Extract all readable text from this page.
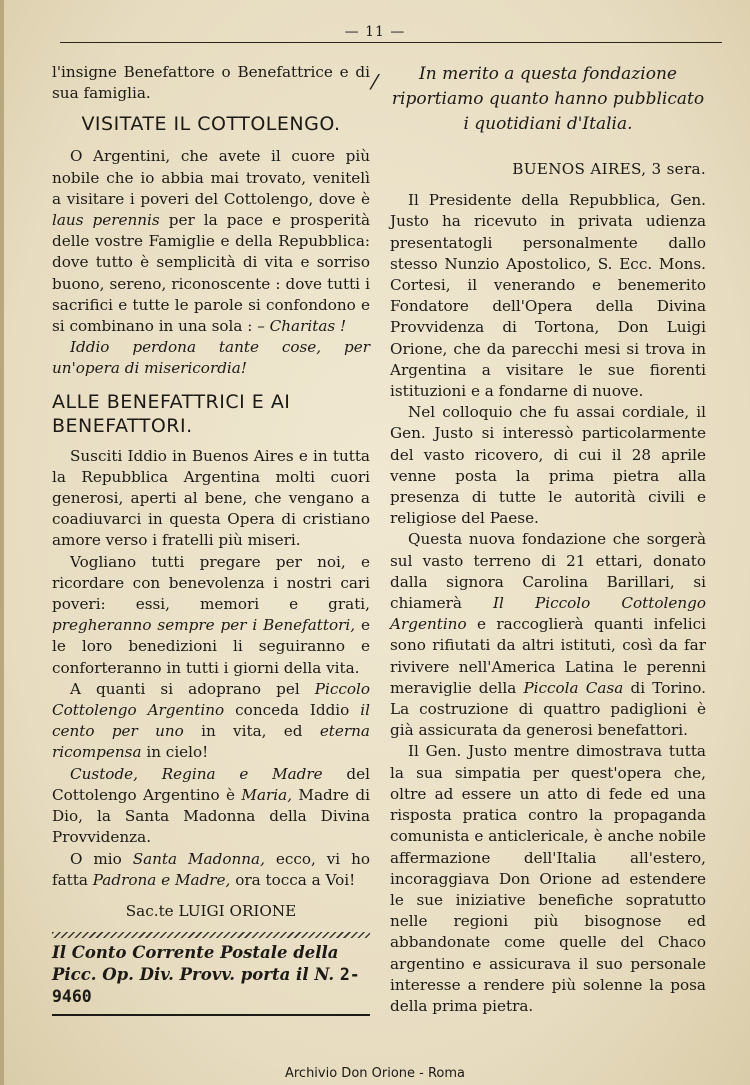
— 11 —

l'insigne Benefattore o Benefattrice e di sua famiglia.

VISITATE IL COTTOLENGO.

O Argentini, che avete il cuore più nobile che io abbia mai trovato, venitelì a visitare i poveri del Cottolengo, dove è laus perennis per la pace e prosperità delle vostre Famiglie e della Repubblica: dove tutto è semplicità di vita e sorriso buono, sereno, riconoscente : dove tutti i sacrifici e tutte le parole si confondono e si combinano in una sola : – Charitas !

Iddio perdona tante cose, per un'opera di misericordia!

ALLE BENEFATTRICI E AI BENEFATTORI.

Susciti Iddio in Buenos Aires e in tutta la Repubblica Argentina molti cuori generosi, aperti al bene, che vengano a coadiuvarci in questa Opera di cristiano amore verso i fratelli più miseri.

Vogliano tutti pregare per noi, e ricordare con benevolenza i nostri cari poveri: essi, memori e grati, pregheranno sempre per i Benefattori, e le loro benedizioni li seguiranno e conforteranno in tutti i giorni della vita.

A quanti si adoprano pel Piccolo Cottolengo Argentino conceda Iddio il cento per uno in vita, ed eterna ricompensa in cielo!

Custode, Regina e Madre del Cottolengo Argentino è Maria, Madre di Dio, la Santa Madonna della Divina Provvidenza.

O mio Santa Madonna, ecco, vi ho fatta Padrona e Madre, ora tocca a Voi!

Sac.te LUIGI ORIONE

Il Conto Corrente Postale della Picc. Op. Div. Provv. porta il N. 2-9460

In merito a questa fondazione riportiamo quanto hanno pubblicato i quotidiani d'Italia.

BUENOS AIRES, 3 sera.

Il Presidente della Repubblica, Gen. Justo ha ricevuto in privata udienza presentatogli personalmente dallo stesso Nunzio Apostolico, S. Ecc. Mons. Cortesi, il venerando e benemerito Fondatore dell'Opera della Divina Provvidenza di Tortona, Don Luigi Orione, che da parecchi mesi si trova in Argentina a visitare le sue fiorenti istituzioni e a fondarne di nuove.

Nel colloquio che fu assai cordiale, il Gen. Justo si interessò particolarmente del vasto ricovero, di cui il 28 aprile venne posta la prima pietra alla presenza di tutte le autorità civili e religiose del Paese.

Questa nuova fondazione che sorgerà sul vasto terreno di 21 ettari, donato dalla signora Carolina Barillari, si chiamerà Il Piccolo Cottolengo Argentino e raccoglierà quanti infelici sono rifiutati da altri istituti, così da far rivivere nell'America Latina le perenni meraviglie della Piccola Casa di Torino. La costruzione di quattro padiglioni è già assicurata da generosi benefattori.

Il Gen. Justo mentre dimostrava tutta la sua simpatia per quest'opera che, oltre ad essere un atto di fede ed una risposta pratica contro la propaganda comunista e anticlericale, è anche nobile affermazione dell'Italia all'estero, incoraggiava Don Orione ad estendere le sue iniziative benefiche sopratutto nelle regioni più bisognose ed abbandonate come quelle del Chaco argentino e assicurava il suo personale interesse a rendere più solenne la posa della prima pietra.

⁄
Archivio Don Orione - Roma
